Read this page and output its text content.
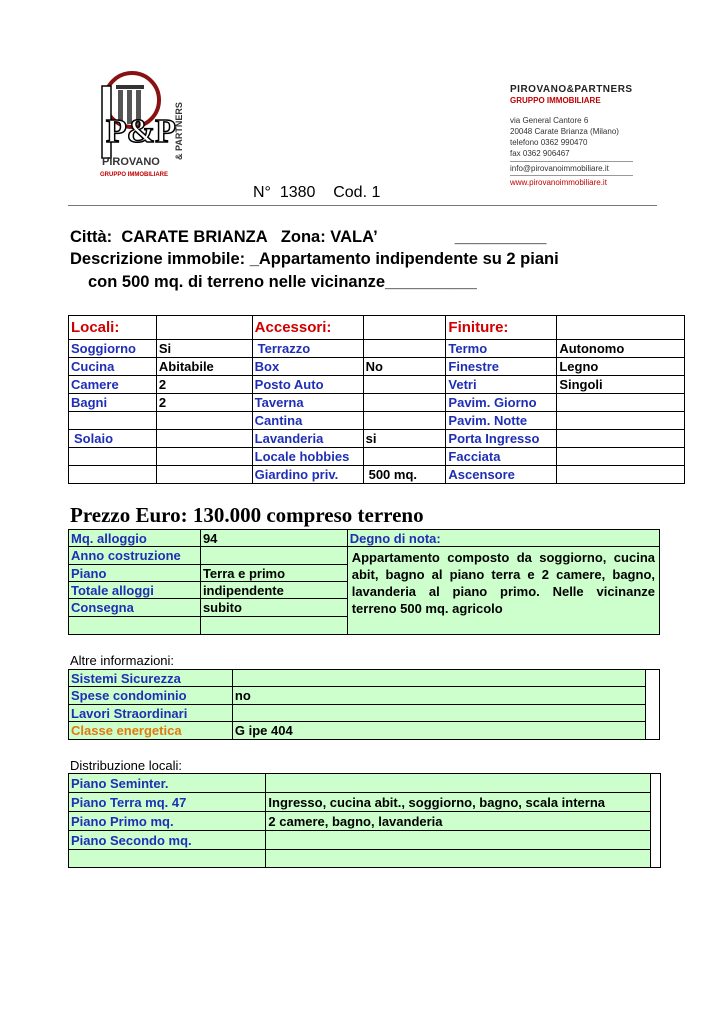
P&P
PIROVANO
GRUPPO IMMOBILIARE
& PARTNERS
PIROVANO&PARTNERS
GRUPPO IMMOBILIARE
via General Cantore 6
20048 Carate Brianza (Milano)
telefono 0362 990470
fax 0362 906467
info@pirovanoimmobiliare.it
www.pirovanoimmobiliare.it
N°  1380    Cod. 1
Città:  CARATE BRIANZA   Zona: VALA’                 __________
Descrizione immobile: _Appartamento indipendente su 2 piani
con 500 mq. di terreno nelle vicinanze__________
Locali:		Accessori:		Finiture:	
Soggiorno	Si	Terrazzo		Termo	Autonomo
Cucina	Abitabile	Box	No	Finestre	Legno
Camere	2	Posto Auto		Vetri	Singoli
Bagni	2	Taverna		Pavim. Giorno	
		Cantina		Pavim. Notte	
Solaio		Lavanderia	si	Porta Ingresso	
		Locale hobbies		Facciata	
		Giardino priv.	500 mq.	Ascensore	
Prezzo Euro: 130.000 compreso terreno
Mq. alloggio	94	Degno di nota:
Anno costruzione		Appartamento composto da soggiorno, cucina abit, bagno al piano terra e 2 camere, bagno, lavanderia al piano primo. Nelle vicinanze terreno 500 mq. agricolo
Piano	Terra e primo	
Totale alloggi	indipendente	
Consegna	subito	

Altre informazioni:
Sistemi Sicurezza		
Spese condominio	no	
Lavori Straordinari		
Classe energetica	G ipe 404	
Distribuzione locali:
Piano Seminter.		
Piano Terra mq. 47	Ingresso, cucina abit., soggiorno, bagno, scala interna	
Piano Primo mq.	2 camere, bagno, lavanderia	
Piano Secondo mq.		
